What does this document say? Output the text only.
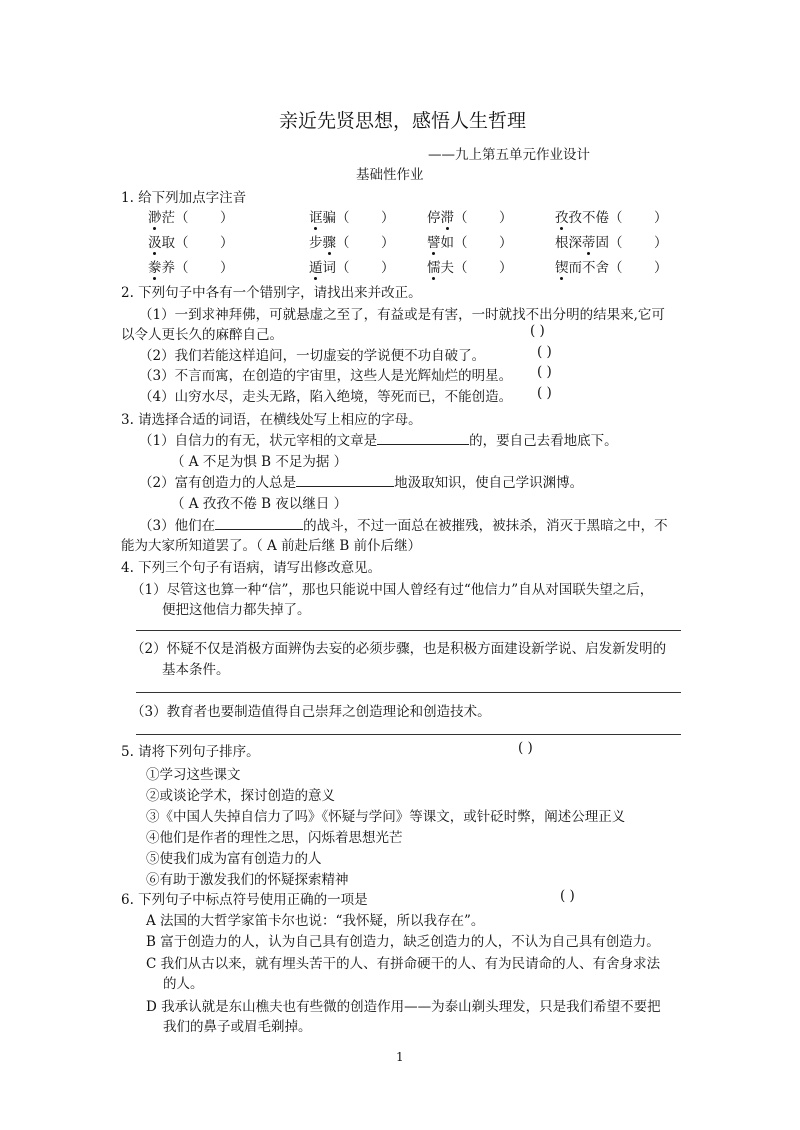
亲近先贤思想，感悟人生哲理
——九上第五单元作业设计
基础性作业
1. 给下列加点字注音
渺茫（   ）	诓骗（   ） 停滞（   ）	孜孜不倦（   ）
汲取（   ）	步骤（   ） 譬如（   ）	根深蒂固（   ）
豢养（   ）	遁词（   ） 懦夫（   ）	锲而不舍（   ）
2. 下列句子中各有一个错别字，请找出来并改正。
（1）一到求神拜佛，可就悬虚之至了，有益或是有害，一时就找不出分明的结果来,它可
以令人更长久的麻醉自己。	( )
（2）我们若能这样追问，一切虚妄的学说便不功自破了。	( )
（3）不言而寓，在创造的宇宙里，这些人是光辉灿烂的明星。 ( )
（4）山穷水尽，走头无路，陷入绝境，等死而已，不能创造。 ( )
3. 请选择合适的词语，在横线处写上相应的字母。
（1）自信力的有无，状元宰相的文章是	的，要自己去看地底下。
（ A 不足为惧 B 不足为据 ）
（2）富有创造力的人总是	地汲取知识，使自己学识渊博。
（ A 孜孜不倦 B 夜以继日 ）
（3）他们在	的战斗，不过一面总在被摧残，被抹杀，消灭于黑暗之中，不
能为大家所知道罢了。（ A 前赴后继 B 前仆后继）
4. 下列三个句子有语病，请写出修改意见。
（1）尽管这也算一种“信”，那也只能说中国人曾经有过“他信力”自从对国联失望之后，
便把这他信力都失掉了。
（2）怀疑不仅是消极方面辨伪去妄的必须步骤，也是积极方面建设新学说、启发新发明的
基本条件。
（3）教育者也要制造值得自己崇拜之创造理论和创造技术。
5. 请将下列句子排序。	( )
①学习这些课文
②或谈论学术，探讨创造的意义
③《中国人失掉自信力了吗》《怀疑与学问》等课文，或针砭时弊，阐述公理正义
④他们是作者的理性之思，闪烁着思想光芒
⑤使我们成为富有创造力的人
⑥有助于激发我们的怀疑探索精神
6. 下列句子中标点符号使用正确的一项是	( )
A 法国的大哲学家笛卡尔也说：“我怀疑，所以我存在”。
B 富于创造力的人，认为自己具有创造力，缺乏创造力的人，不认为自己具有创造力。
C 我们从古以来，就有埋头苦干的人、有拼命硬干的人、有为民请命的人、有舍身求法
的人。
D 我承认就是东山樵夫也有些微的创造作用——为泰山剃头理发，只是我们希望不要把
我们的鼻子或眉毛剃掉。
1
